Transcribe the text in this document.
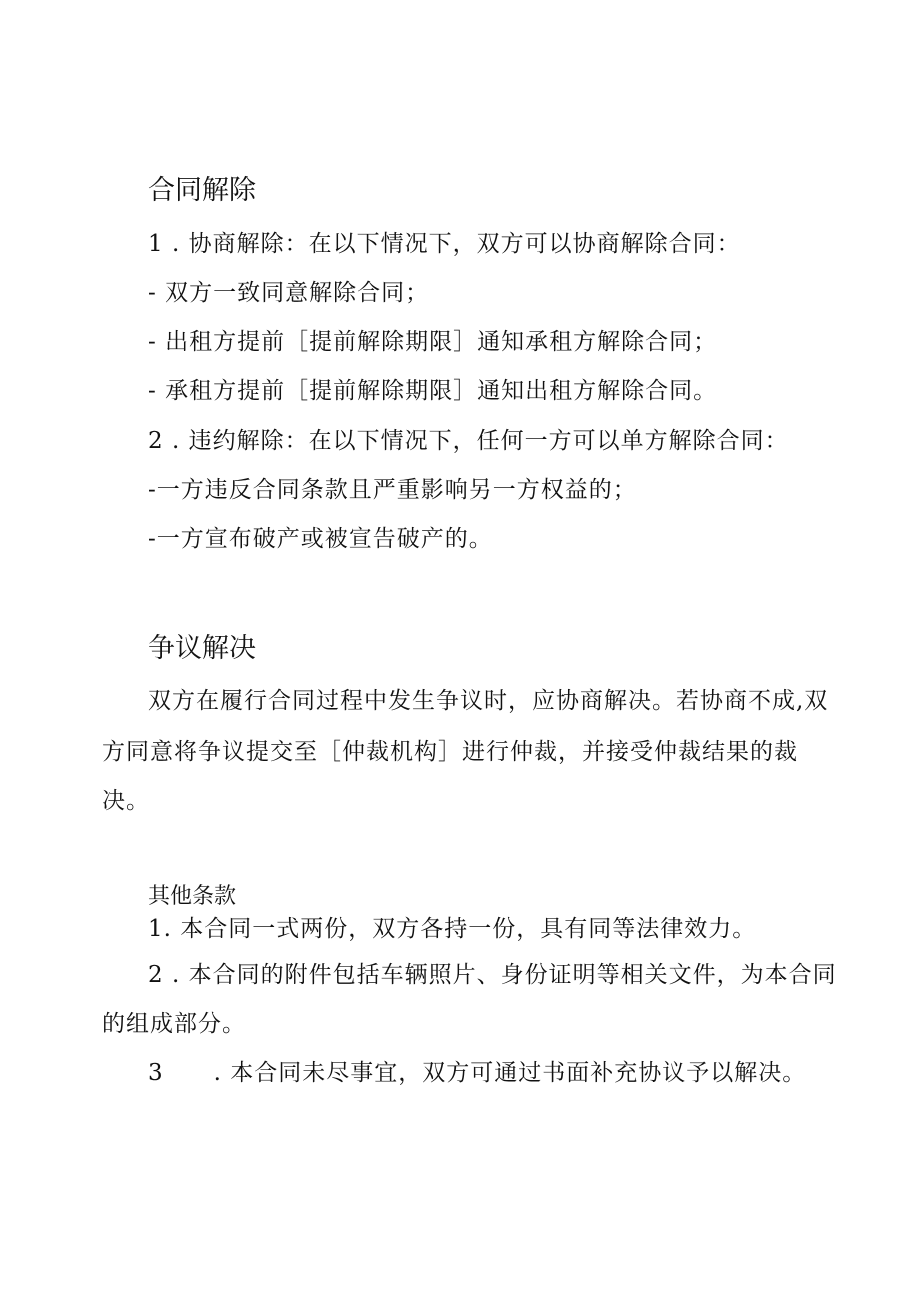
合同解除
1 . 协商解除：在以下情况下，双方可以协商解除合同：
- 双方一致同意解除合同；
- 出租方提前［提前解除期限］通知承租方解除合同；
- 承租方提前［提前解除期限］通知出租方解除合同。
2 . 违约解除：在以下情况下，任何一方可以单方解除合同：
-一方违反合同条款且严重影响另一方权益的；
-一方宣布破产或被宣告破产的。
争议解决
双方在履行合同过程中发生争议时，应协商解决。若协商不成,双
方同意将争议提交至［仲裁机构］进行仲裁，并接受仲裁结果的裁
决。
其他条款
1. 本合同一式两份，双方各持一份，具有同等法律效力。
2 . 本合同的附件包括车辆照片、身份证明等相关文件，为本合同
的组成部分。
3 . 本合同未尽事宜，双方可通过书面补充协议予以解决。
